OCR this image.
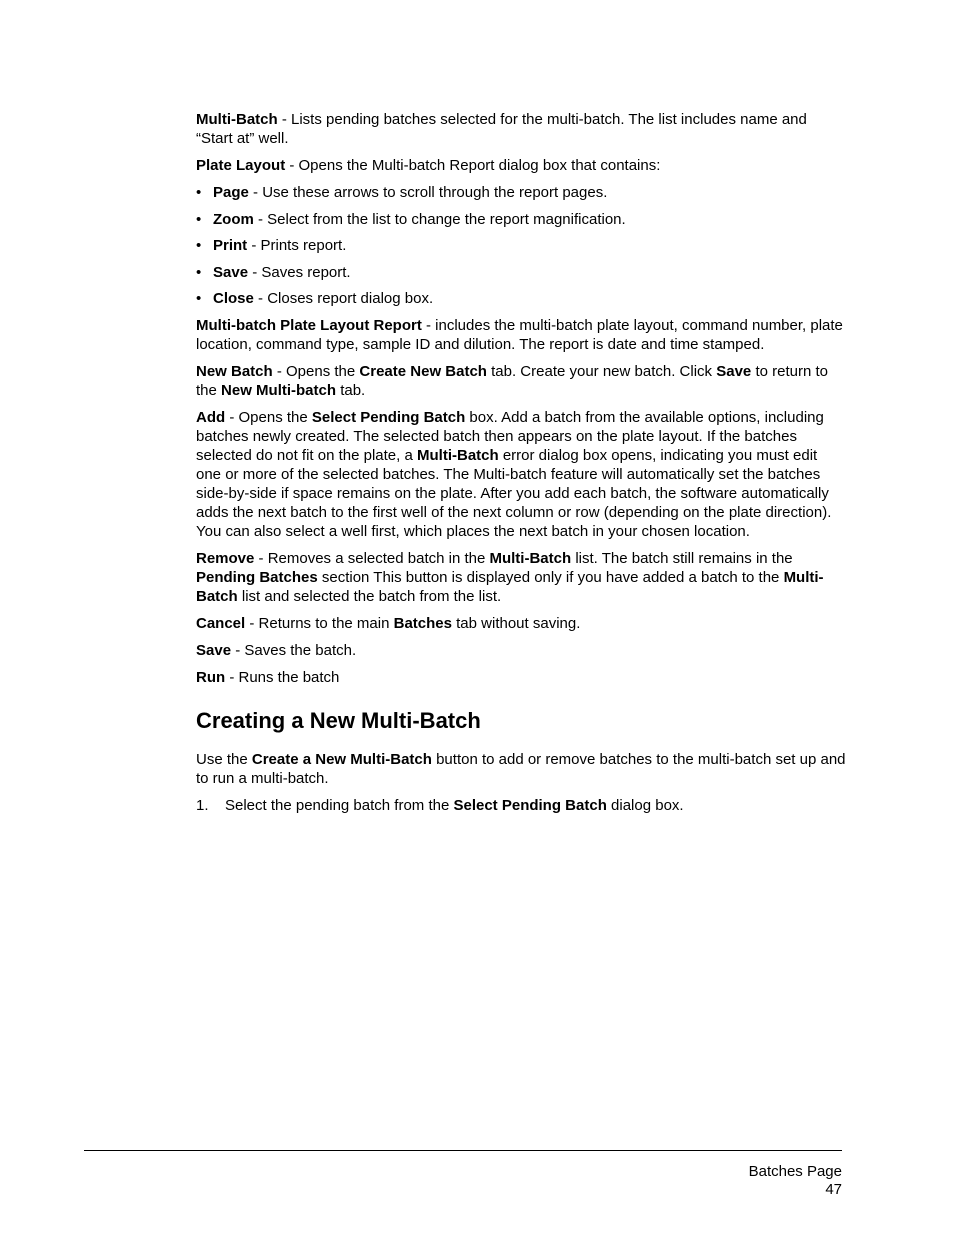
Multi-Batch - Lists pending batches selected for the multi-batch. The list includes name and “Start at” well.

Plate Layout - Opens the Multi-batch Report dialog box that contains:

• Page - Use these arrows to scroll through the report pages.
• Zoom - Select from the list to change the report magnification.
• Print - Prints report.
• Save - Saves report.
• Close - Closes report dialog box.

Multi-batch Plate Layout Report - includes the multi-batch plate layout, command number, plate location, command type, sample ID and dilution. The report is date and time stamped.

New Batch - Opens the Create New Batch tab. Create your new batch. Click Save to return to the New Multi-batch tab.

Add - Opens the Select Pending Batch box. Add a batch from the available options, including batches newly created. The selected batch then appears on the plate layout. If the batches selected do not fit on the plate, a Multi-Batch error dialog box opens, indicating you must edit one or more of the selected batches. The Multi-batch feature will automatically set the batches side-by-side if space remains on the plate. After you add each batch, the software automatically adds the next batch to the first well of the next column or row (depending on the plate direction). You can also select a well first, which places the next batch in your chosen location.

Remove - Removes a selected batch in the Multi-Batch list. The batch still remains in the Pending Batches section This button is displayed only if you have added a batch to the Multi-Batch list and selected the batch from the list.

Cancel - Returns to the main Batches tab without saving.

Save - Saves the batch.

Run - Runs the batch

Creating a New Multi-Batch

Use the Create a New Multi-Batch button to add or remove batches to the multi-batch set up and to run a multi-batch.

1. Select the pending batch from the Select Pending Batch dialog box.
Batches Page
47
